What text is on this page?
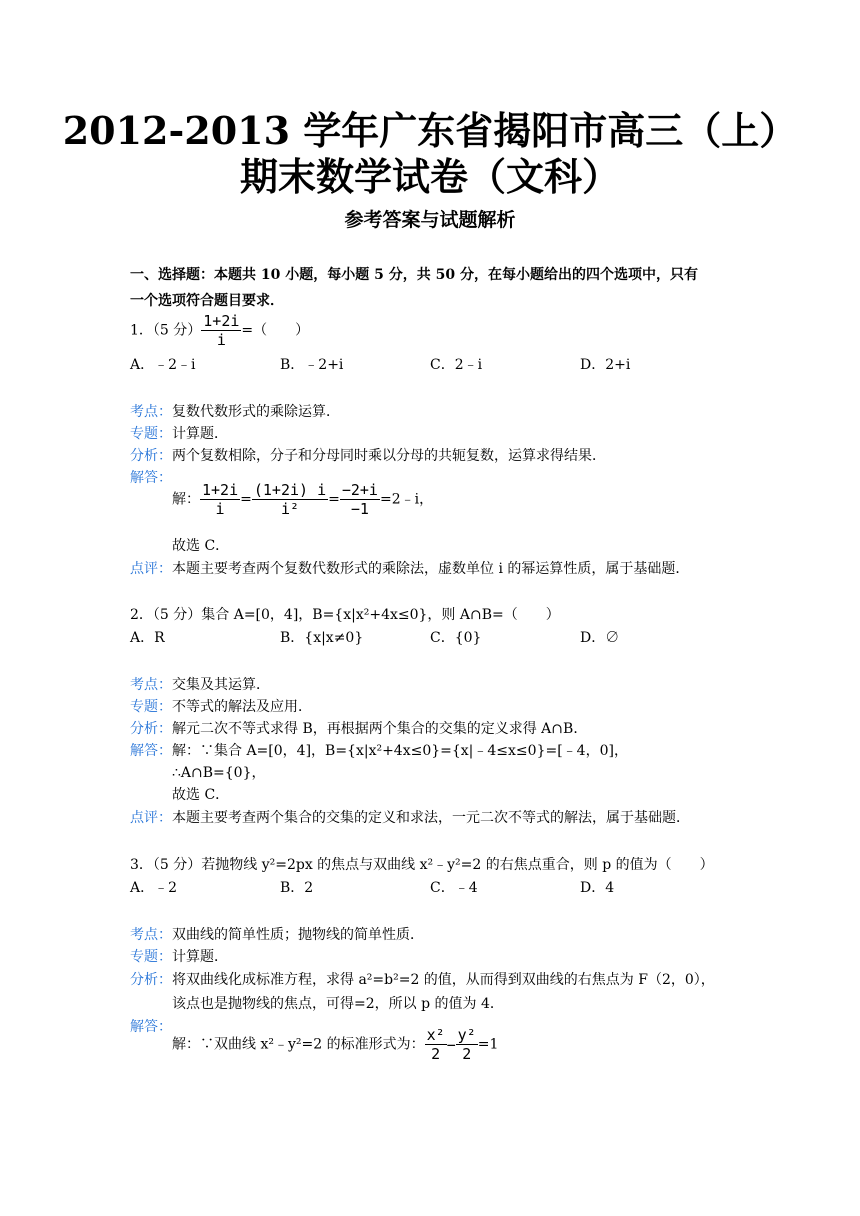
2012-2013 学年广东省揭阳市高三（上）
期末数学试卷（文科）
参考答案与试题解析
一、选择题：本题共 10 小题，每小题 5 分，共 50 分，在每小题给出的四个选项中，只有
一个选项符合题目要求．
1．（5 分） $\frac{1+2i}{i}$ =（　　）
A．﹣2﹣i	B．﹣2+i	C．2﹣i	D．2+i
考点：复数代数形式的乘除运算．
专题：计算题．
分析：两个复数相除，分子和分母同时乘以分母的共轭复数，运算求得结果．
解答：
解： $\frac{1+2i}{i} = \frac{(1+2i) i}{\text{i²}} = \frac{-2+i}{-1}$ =2﹣i，
故选 C．
点评：本题主要考查两个复数代数形式的乘除法，虚数单位 i 的幂运算性质，属于基础题．
2．（5 分）集合 A=[0，4]，B={x|x²+4x≤0}，则 A∩B=（　　）
A．R	B．{x|x≠0}	C．{0}	D．∅
考点：交集及其运算．
专题：不等式的解法及应用．
分析：解元二次不等式求得 B，再根据两个集合的交集的定义求得 A∩B．
解答：解：∵集合 A=[0，4]，B={x|x²+4x≤0}={x|﹣4≤x≤0}=[﹣4，0]，
∴A∩B={0}，
故选 C．
点评：本题主要考查两个集合的交集的定义和求法，一元二次不等式的解法，属于基础题．
3．（5 分）若抛物线 y²=2px 的焦点与双曲线 x²﹣y²=2 的右焦点重合，则 p 的值为（　　）
A．﹣2	B．2	C．﹣4	D．4
考点：双曲线的简单性质；抛物线的简单性质．
专题：计算题．
分析：将双曲线化成标准方程，求得 a²=b²=2 的值，从而得到双曲线的右焦点为 F（2，0），
该点也是抛物线的焦点，可得=2，所以 p 的值为 4．
解答：
解：∵双曲线 x²﹣y²=2 的标准形式为： $\frac{\text{x²}}{2} - \frac{\text{y²}}{2} =1$
